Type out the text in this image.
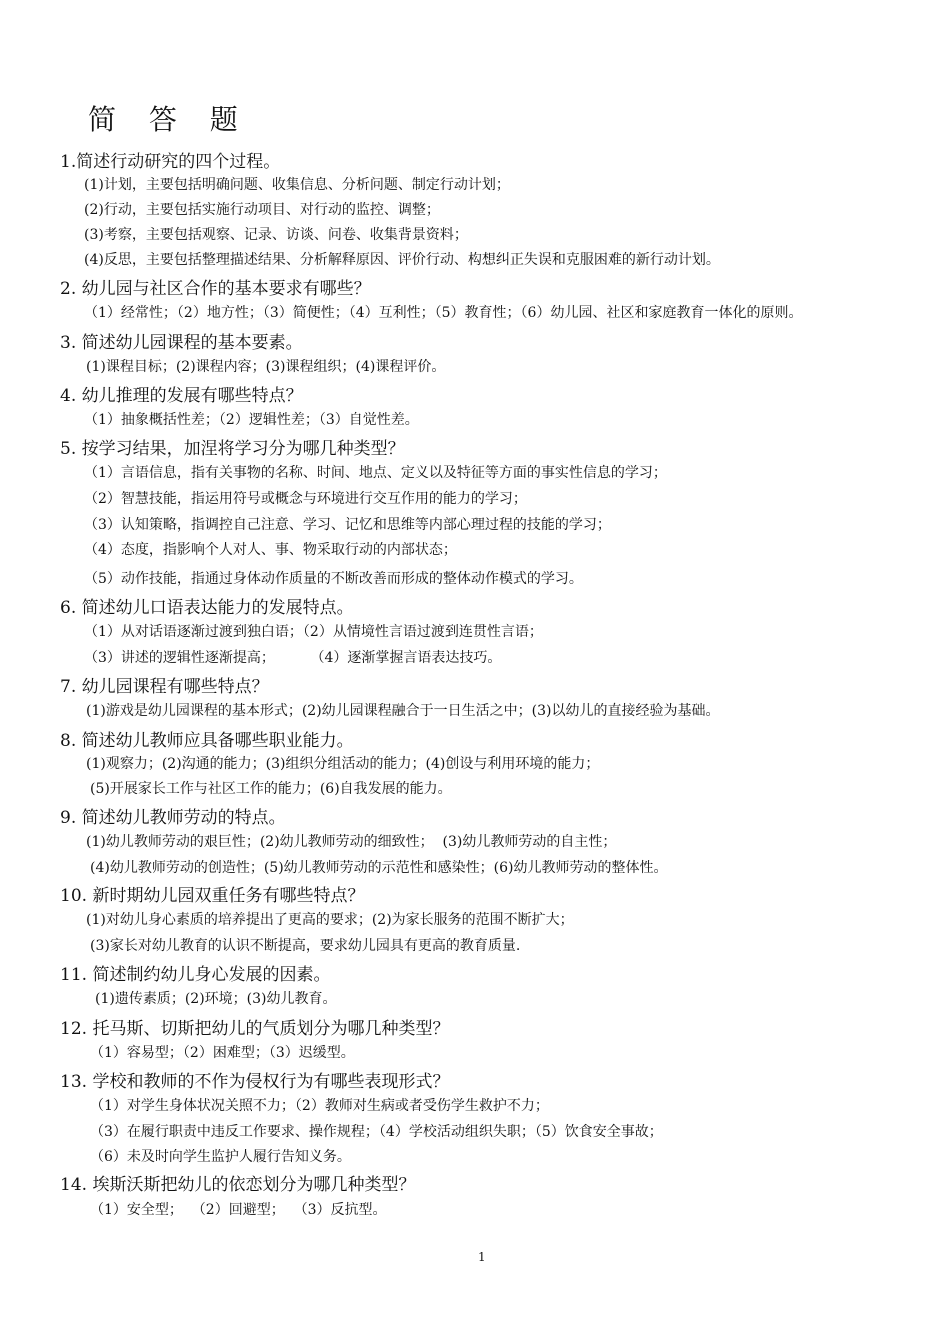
简 答 题
1.简述行动研究的四个过程。
(1)计划，主要包括明确问题、收集信息、分析问题、制定行动计划；
(2)行动，主要包括实施行动项目、对行动的监控、调整；
(3)考察，主要包括观察、记录、访谈、问卷、收集背景资料；
(4)反思，主要包括整理描述结果、分析解释原因、评价行动、构想纠正失误和克服困难的新行动计划。
2. 幼儿园与社区合作的基本要求有哪些？
（1）经常性；（2）地方性；（3）简便性；（4）互利性；（5）教育性；（6）幼儿园、社区和家庭教育一体化的原则。
3. 简述幼儿园课程的基本要素。
(1)课程目标；(2)课程内容；(3)课程组织；(4)课程评价。
4. 幼儿推理的发展有哪些特点？
（1）抽象概括性差；（2）逻辑性差；（3）自觉性差。
5. 按学习结果，加涅将学习分为哪几种类型？
（1）言语信息，指有关事物的名称、时间、地点、定义以及特征等方面的事实性信息的学习；
（2）智慧技能，指运用符号或概念与环境进行交互作用的能力的学习；
（3）认知策略，指调控自己注意、学习、记忆和思维等内部心理过程的技能的学习；
（4）态度，指影响个人对人、事、物采取行动的内部状态；
（5）动作技能，指通过身体动作质量的不断改善而形成的整体动作模式的学习。
6. 简述幼儿口语表达能力的发展特点。
（1）从对话语逐渐过渡到独白语；（2）从情境性言语过渡到连贯性言语；
（3）讲述的逻辑性逐渐提高；        （4）逐渐掌握言语表达技巧。
7. 幼儿园课程有哪些特点？
(1)游戏是幼儿园课程的基本形式；(2)幼儿园课程融合于一日生活之中；(3)以幼儿的直接经验为基础。
8. 简述幼儿教师应具备哪些职业能力。
(1)观察力；(2)沟通的能力；(3)组织分组活动的能力；(4)创设与利用环境的能力；
(5)开展家长工作与社区工作的能力；(6)自我发展的能力。
9. 简述幼儿教师劳动的特点。
(1)幼儿教师劳动的艰巨性；(2)幼儿教师劳动的细致性；  (3)幼儿教师劳动的自主性；
(4)幼儿教师劳动的创造性；(5)幼儿教师劳动的示范性和感染性；(6)幼儿教师劳动的整体性。
10. 新时期幼儿园双重任务有哪些特点？
(1)对幼儿身心素质的培养提出了更高的要求；(2)为家长服务的范围不断扩大；
(3)家长对幼儿教育的认识不断提高，要求幼儿园具有更高的教育质量.
11. 简述制约幼儿身心发展的因素。
(1)遗传素质；(2)环境；(3)幼儿教育。
12. 托马斯、切斯把幼儿的气质划分为哪几种类型？
（1）容易型；（2）困难型；（3）迟缓型。
13. 学校和教师的不作为侵权行为有哪些表现形式？
（1）对学生身体状况关照不力；（2）教师对生病或者受伤学生救护不力；
（3）在履行职责中违反工作要求、操作规程；（4）学校活动组织失职；（5）饮食安全事故；
（6）未及时向学生监护人履行告知义务。
14. 埃斯沃斯把幼儿的依恋划分为哪几种类型？
（1）安全型；  （2）回避型；  （3）反抗型。
1
